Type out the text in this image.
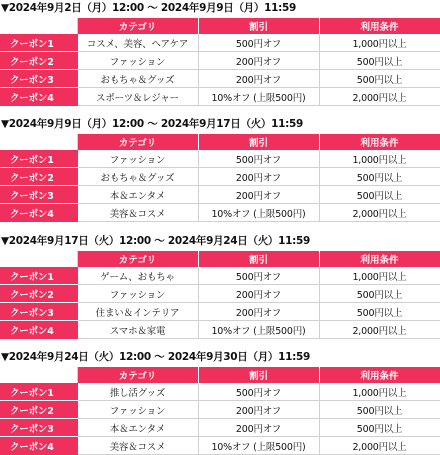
▼2024年9月2日（月）12:00 〜 2024年9月9日（月）11:59
	カテゴリ	割引	利用条件
クーポン1	コスメ、美容、ヘアケア	500円オフ	1,000円以上
クーポン2	ファッション	200円オフ	500円以上
クーポン3	おもちゃ＆グッズ	200円オフ	500円以上
クーポン4	スポーツ＆レジャー	10%オフ (上限500円)	2,000円以上
▼2024年9月9日（月）12:00 〜 2024年9月17日（火）11:59
	カテゴリ	割引	利用条件
クーポン1	ファッション	500円オフ	1,000円以上
クーポン2	おもちゃ＆グッズ	200円オフ	500円以上
クーポン3	本＆エンタメ	200円オフ	500円以上
クーポン4	美容＆コスメ	10%オフ (上限500円)	2,000円以上
▼2024年9月17日（火）12:00 〜 2024年9月24日（火）11:59
	カテゴリ	割引	利用条件
クーポン1	ゲーム、おもちゃ	500円オフ	1,000円以上
クーポン2	ファッション	200円オフ	500円以上
クーポン3	住まい＆インテリア	200円オフ	500円以上
クーポン4	スマホ＆家電	10%オフ (上限500円)	2,000円以上
▼2024年9月24日（火）12:00 〜 2024年9月30日（月）11:59
	カテゴリ	割引	利用条件
クーポン1	推し活グッズ	500円オフ	1,000円以上
クーポン2	ファッション	200円オフ	500円以上
クーポン3	本＆エンタメ	200円オフ	500円以上
クーポン4	美容＆コスメ	10%オフ (上限500円)	2,000円以上
